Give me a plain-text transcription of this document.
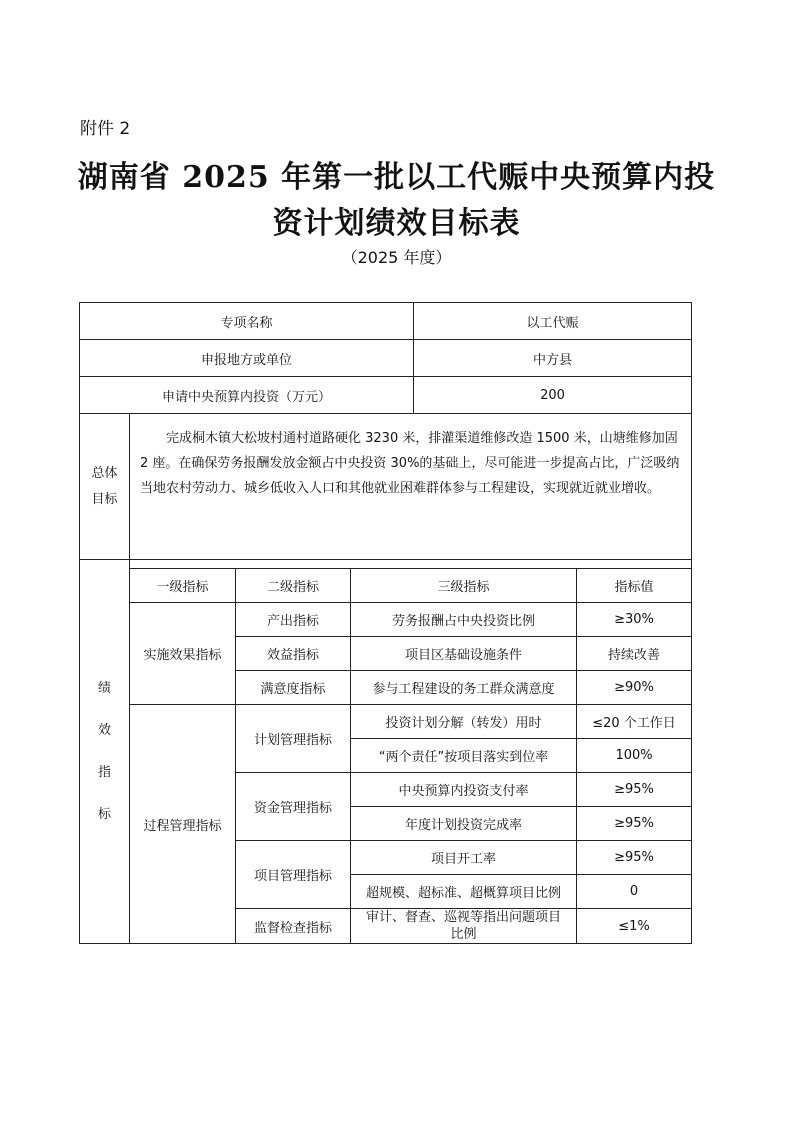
附件 2
湖南省 2025 年第一批以工代赈中央预算内投
资计划绩效目标表
（2025 年度）
专项名称				以工代赈	
申报地方或单位				中方县	
申请中央预算内投资（万元）				200	

总体
目标	完成桐木镇大松坡村通村道路硬化 3230 米，排灌渠道维修改造 1500 米，山塘维修加固 2 座。在确保劳务报酬发放金额占中央投资 30%的基础上，尽可能进一步提高占比，广泛吸纳当地农村劳动力、城乡低收入人口和其他就业困难群体参与工程建设，实现就近就业增收。				

绩
效
指
标					

	一级指标	二级指标	三级指标		指标值
	实施效果指标	产出指标	劳务报酬占中央投资比例		≥30%
		效益指标	项目区基础设施条件		持续改善
		满意度指标	参与工程建设的务工群众满意度		≥90%
	过程管理指标	计划管理指标	投资计划分解（转发）用时		≤20 个工作日
			“两个责任”按项目落实到位率		100%
		资金管理指标	中央预算内投资支付率		≥95%
			年度计划投资完成率		≥95%
		项目管理指标	项目开工率		≥95%
			超规模、超标准、超概算项目比例		0
		监督检查指标	审计、督查、巡视等指出问题项目
比例		≤1%
